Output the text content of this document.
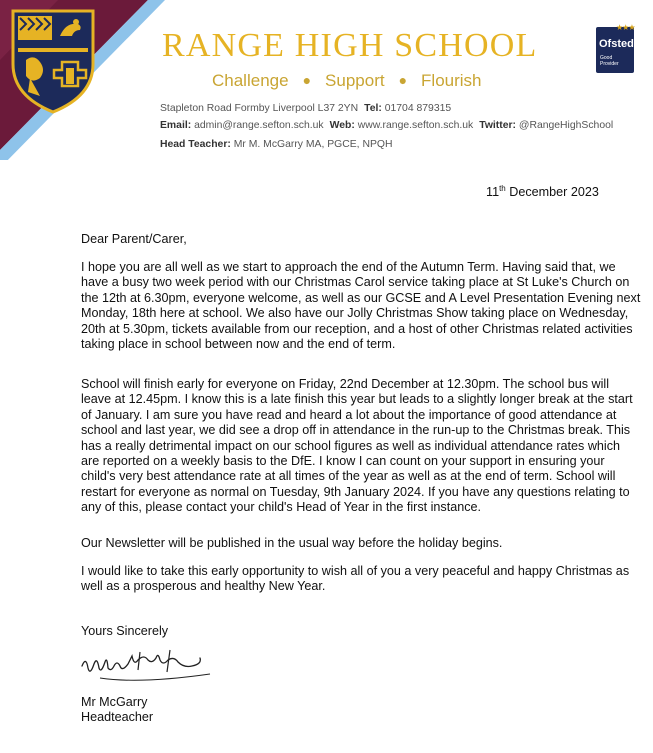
RANGE HIGH SCHOOL
Challenge ● Support ● Flourish
★★★
Ofsted
Good
Provider
Stapleton Road Formby Liverpool L37 2YN Tel: 01704 879315
Email: admin@range.sefton.sch.uk Web: www.range.sefton.sch.uk Twitter: @RangeHighSchool
Head Teacher: Mr M. McGarry MA, PGCE, NPQH
11th December 2023
Dear Parent/Carer,

I hope you are all well as we start to approach the end of the Autumn Term. Having said that, we have a busy two week period with our Christmas Carol service taking place at St Luke's Church on the 12th at 6.30pm, everyone welcome, as well as our GCSE and A Level Presentation Evening next Monday, 18th here at school. We also have our Jolly Christmas Show taking place on Wednesday, 20th at 5.30pm, tickets available from our reception, and a host of other Christmas related activities taking place in school between now and the end of term.

School will finish early for everyone on Friday, 22nd December at 12.30pm. The school bus will leave at 12.45pm. I know this is a late finish this year but leads to a slightly longer break at the start of January. I am sure you have read and heard a lot about the importance of good attendance at school and last year, we did see a drop off in attendance in the run-up to the Christmas break. This has a really detrimental impact on our school figures as well as individual attendance rates which are reported on a weekly basis to the DfE. I know I can count on your support in ensuring your child's very best attendance rate at all times of the year as well as at the end of term. School will restart for everyone as normal on Tuesday, 9th January 2024. If you have any questions relating to any of this, please contact your child's Head of Year in the first instance.

Our Newsletter will be published in the usual way before the holiday begins.

I would like to take this early opportunity to wish all of you a very peaceful and happy Christmas as well as a prosperous and healthy New Year.

Yours Sincerely
Mr McGarry
Headteacher
